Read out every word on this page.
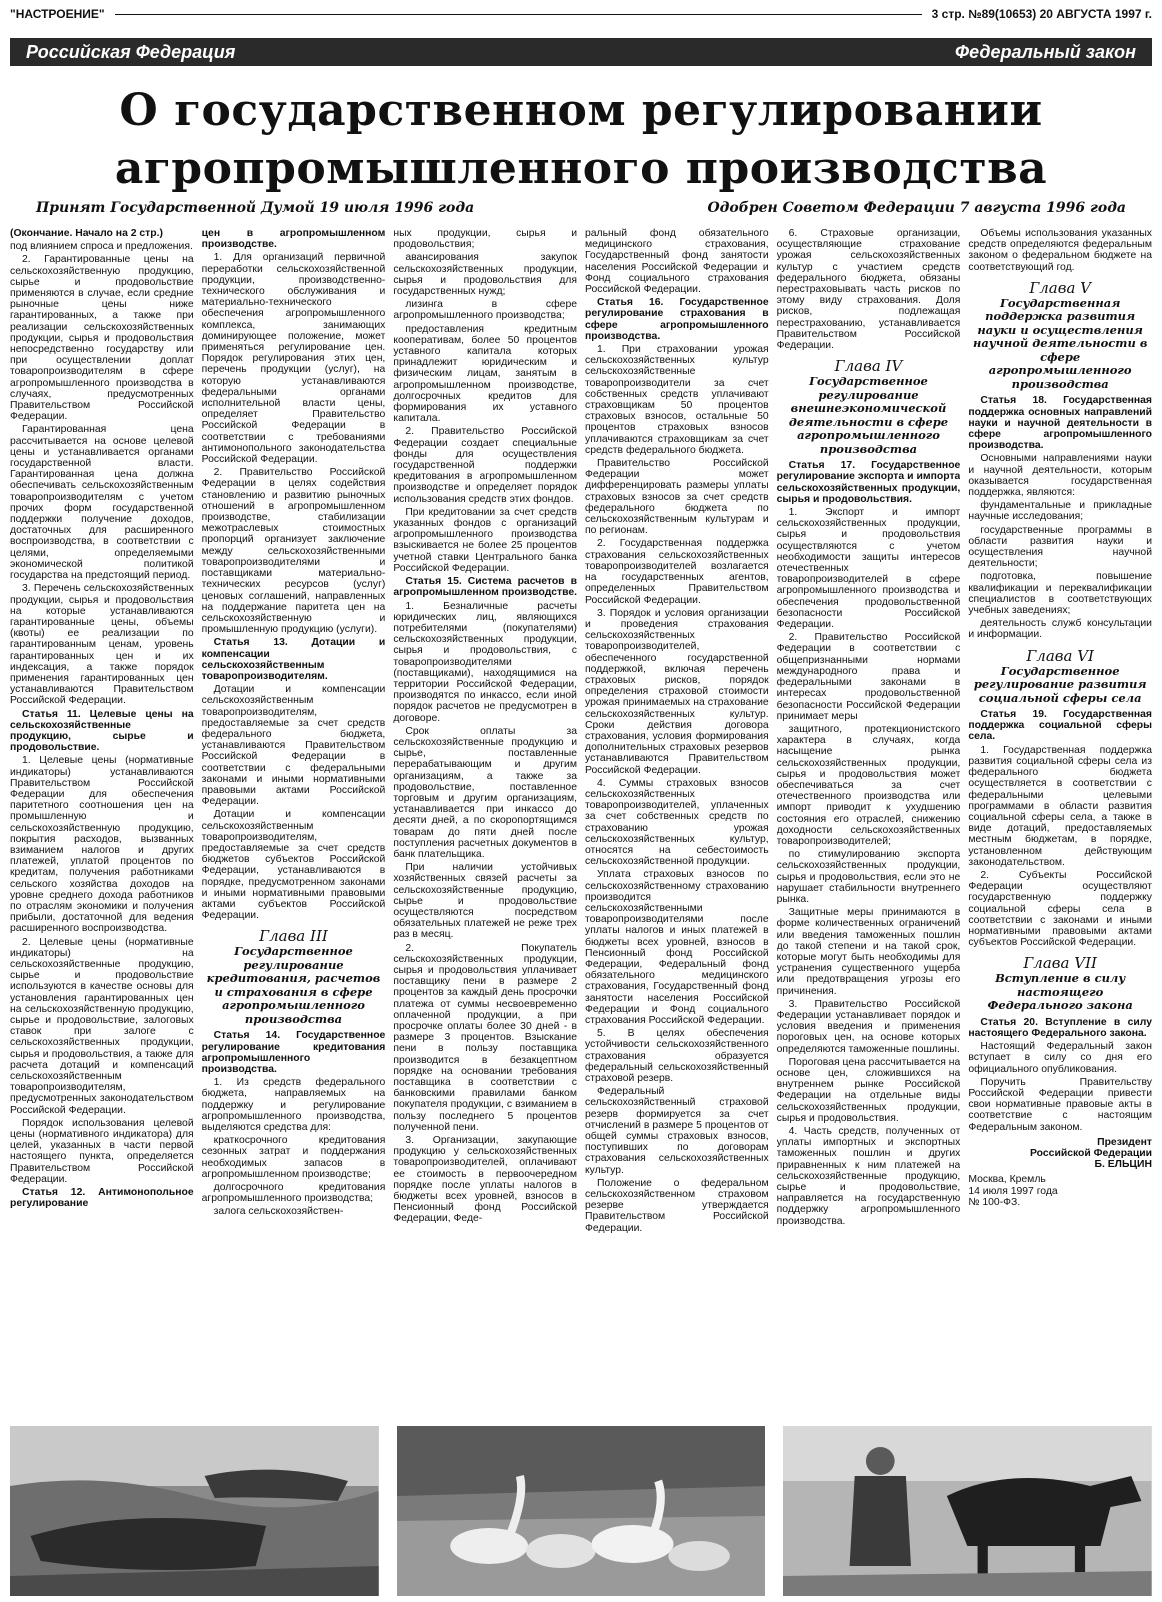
"НАСТРОЕНИЕ"	3 стр. №89(10653) 20 АВГУСТА 1997 г.
Российская Федерация	Федеральный закон
О государственном регулировании
агропромышленного производства
Принят Государственной Думой 19 июля 1996 года	Одобрен Советом Федерации 7 августа 1996 года

(Окончание. Начало на 2 стр.)

под влиянием спроса и предложения.

2. Гарантированные цены на сельскохозяйственную продукцию, сырье и продовольствие применяются в случае, если средние рыночные цены ниже гарантированных, а также при реализации сельскохозяйственных продукции, сырья и продовольствия непосредственно государству или при осуществлении доплат товаропроизводителям в сфере агропромышленного производства в случаях, предусмотренных Правительством Российской Федерации.

Гарантированная цена рассчитывается на основе целевой цены и устанавливается органами государственной власти. Гарантированная цена должна обеспечивать сельскохозяйственным товаропроизводителям с учетом прочих форм государственной поддержки получение доходов, достаточных для расширенного воспроизводства, в соответствии с целями, определяемыми экономической политикой государства на предстоящий период.

3. Перечень сельскохозяйственных продукции, сырья и продовольствия на которые устанавливаются гарантированные цены, объемы (квоты) ее реализации по гарантированным ценам, уровень гарантированных цен и их индексация, а также порядок применения гарантированных цен устанавливаются Правительством Российской Федерации.

Статья 11. Целевые цены на сельскохозяйственные продукцию, сырье и продовольствие.

1. Целевые цены (нормативные индикаторы) устанавливаются Правительством Российской Федерации для обеспечения паритетного соотношения цен на промышленную и сельскохозяйственную продукцию, покрытия расходов, вызванных взиманием налогов и других платежей, уплатой процентов по кредитам, получения работниками сельского хозяйства доходов на уровне среднего дохода работников по отраслям экономики и получения прибыли, достаточной для ведения расширенного воспроизводства.

2. Целевые цены (нормативные индикаторы) на сельскохозяйственные продукцию, сырье и продовольствие используются в качестве основы для установления гарантированных цен на сельскохозяйственную продукцию, сырье и продовольствие, залоговых ставок при залоге с сельскохозяйственных продукции, сырья и продовольствия, а также для расчета дотаций и компенсаций сельскохозяйственным товаропроизводителям, предусмотренных законодательством Российской Федерации.

Порядок использования целевой цены (нормативного индикатора) для целей, указанных в части первой настоящего пункта, определяется Правительством Российской Федерации.

Статья 12. Антимонопольное регулирование

цен в агропромышленном производстве.

1. Для организаций первичной переработки сельскохозяйственной продукции, производственно-технического обслуживания и материально-технического обеспечения агропромышленного комплекса, занимающих доминирующее положение, может применяться регулирование цен. Порядок регулирования этих цен, перечень продукции (услуг), на которую устанавливаются федеральными органами исполнительной власти цены, определяет Правительство Российской Федерации в соответствии с требованиями антимонопольного законодательства Российской Федерации.

2. Правительство Российской Федерации в целях содействия становлению и развитию рыночных отношений в агропромышленном производстве, стабилизации межотраслевых стоимостных пропорций организует заключение между сельскохозяйственными товаропроизводителями и поставщиками материально-технических ресурсов (услуг) ценовых соглашений, направленных на поддержание паритета цен на сельскохозяйственную и промышленную продукцию (услуги).

Статья 13. Дотации и компенсации сельскохозяйственным товаропроизводителям.

Дотации и компенсации сельскохозяйственным товаропроизводителям, предоставляемые за счет средств федерального бюджета, устанавливаются Правительством Российской Федерации в соответствии с федеральными законами и иными нормативными правовыми актами Российской Федерации.

Дотации и компенсации сельскохозяйственным товаропроизводителям, предоставляемые за счет средств бюджетов субъектов Российской Федерации, устанавливаются в порядке, предусмотренном законами и иными нормативными правовыми актами субъектов Российской Федерации.

Глава III
Государственное регулирование кредитования, расчетов и страхования в сфере агропромышленного производства

Статья 14. Государственное регулирование кредитования агропромышленного производства.

1. Из средств федерального бюджета, направляемых на поддержку и регулирование агропромышленного производства, выделяются средства для:

краткосрочного кредитования сезонных затрат и поддержания необходимых запасов в агропромышленном производстве;

долгосрочного кредитования агропромышленного производства;

залога сельскохозяйствен-

ных продукции, сырья и продовольствия;

авансирования закупок сельскохозяйственных продукции, сырья и продовольствия для государственных нужд;

лизинга в сфере агропромышленного производства;

предоставления кредитным кооперативам, более 50 процентов уставного капитала которых принадлежит юридическим и физическим лицам, занятым в агропромышленном производстве, долгосрочных кредитов для формирования их уставного капитала.

2. Правительство Российской Федерации создает специальные фонды для осуществления государственной поддержки кредитования в агропромышленном производстве и определяет порядок использования средств этих фондов.

При кредитовании за счет средств указанных фондов с организаций агропромышленного производства взыскивается не более 25 процентов учетной ставки Центрального банка Российской Федерации.

Статья 15. Система расчетов в агропромышленном производстве.

1. Безналичные расчеты юридических лиц, являющихся потребителями (покупателями) сельскохозяйственных продукции, сырья и продовольствия, с товаропроизводителями (поставщиками), находящимися на территории Российской Федерации, производятся по инкассо, если иной порядок расчетов не предусмотрен в договоре.

Срок оплаты за сельскохозяйственные продукцию и сырье, поставленные перерабатывающим и другим организациям, а также за продовольствие, поставленное торговым и другим организациям, устанавливается при инкассо до десяти дней, а по скоропортящимся товарам до пяти дней после поступления расчетных документов в банк плательщика.

При наличии устойчивых хозяйственных связей расчеты за сельскохозяйственные продукцию, сырье и продовольствие осуществляются посредством обязательных платежей не реже трех раз в месяц.

2. Покупатель сельскохозяйственных продукции, сырья и продовольствия уплачивает поставщику пени в размере 2 процентов за каждый день просрочки платежа от суммы несвоевременно оплаченной продукции, а при просрочке оплаты более 30 дней - в размере 3 процентов. Взыскание пени в пользу поставщика производится в безакцептном порядке на основании требования поставщика в соответствии с банковскими правилами банком покупателя продукции, с взиманием в пользу последнего 5 процентов полученной пени.

3. Организации, закупающие продукцию у сельскохозяйственных товаропроизводителей, оплачивают ее стоимость в первоочередном порядке после уплаты налогов в бюджеты всех уровней, взносов в Пенсионный фонд Российской Федерации, Феде-

ральный фонд обязательного медицинского страхования, Государственный фонд занятости населения Российской Федерации и Фонд социального страхования Российской Федерации.

Статья 16. Государственное регулирование страхования в сфере агропромышленного производства.

1. При страховании урожая сельскохозяйственных культур сельскохозяйственные товаропроизводители за счет собственных средств уплачивают страховщикам 50 процентов страховых взносов, остальные 50 процентов страховых взносов уплачиваются страховщикам за счет средств федерального бюджета.

Правительство Российской Федерации может дифференцировать размеры уплаты страховых взносов за счет средств федерального бюджета по сельскохозяйственным культурам и по регионам.

2. Государственная поддержка страхования сельскохозяйственных товаропроизводителей возлагается на государственных агентов, определенных Правительством Российской Федерации.

3. Порядок и условия организации и проведения страхования сельскохозяйственных товаропроизводителей, обеспеченного государственной поддержкой, включая перечень страховых рисков, порядок определения страховой стоимости урожая принимаемых на страхование сельскохозяйственных культур. Сроки действия договора страхования, условия формирования дополнительных страховых резервов устанавливаются Правительством Российской Федерации.

4. Суммы страховых взносов сельскохозяйственных товаропроизводителей, уплаченных за счет собственных средств по страхованию урожая сельскохозяйственных культур, относятся на себестоимость сельскохозяйственной продукции.

Уплата страховых взносов по сельскохозяйственному страхованию производится сельскохозяйственными товаропроизводителями после уплаты налогов и иных платежей в бюджеты всех уровней, взносов в Пенсионный фонд Российской Федерации, Федеральный фонд обязательного медицинского страхования, Государственный фонд занятости населения Российской Федерации и Фонд социального страхования Российской Федерации.

5. В целях обеспечения устойчивости сельскохозяйственного страхования образуется федеральный сельскохозяйственный страховой резерв.

Федеральный сельскохозяйственный страховой резерв формируется за счет отчислений в размере 5 процентов от общей суммы страховых взносов, поступивших по договорам страхования сельскохозяйственных культур.

Положение о федеральном сельскохозяйственном страховом резерве утверждается Правительством Российской Федерации.

6. Страховые организации, осуществляющие страхование урожая сельскохозяйственных культур с участием средств федерального бюджета, обязаны перестраховывать часть рисков по этому виду страхования. Доля рисков, подлежащая перестрахованию, устанавливается Правительством Российской Федерации.

Глава IV
Государственное регулирование внешнеэкономической деятельности в сфере агропромышленного производства

Статья 17. Государственное регулирование экспорта и импорта сельскохозяйственных продукции, сырья и продовольствия.

1. Экспорт и импорт сельскохозяйственных продукции, сырья и продовольствия осуществляются с учетом необходимости защиты интересов отечественных товаропроизводителей в сфере агропромышленного производства и обеспечения продовольственной безопасности Российской Федерации.

2. Правительство Российской Федерации в соответствии с общепризнанными нормами международного права и федеральными законами в интересах продовольственной безопасности Российской Федерации принимает меры

защитного, протекционистского характера в случаях, когда насыщение рынка сельскохозяйственных продукции, сырья и продовольствия может обеспечиваться за счет отечественного производства или импорт приводит к ухудшению состояния его отраслей, снижению доходности сельскохозяйственных товаропроизводителей;

по стимулированию экспорта сельскохозяйственных продукции, сырья и продовольствия, если это не нарушает стабильности внутреннего рынка.

Защитные меры принимаются в форме количественных ограничений или введения таможенных пошлин до такой степени и на такой срок, которые могут быть необходимы для устранения существенного ущерба или предотвращения угрозы его причинения.

3. Правительство Российской Федерации устанавливает порядок и условия введения и применения пороговых цен, на основе которых определяются таможенные пошлины.

Пороговая цена рассчитывается на основе цен, сложившихся на внутреннем рынке Российской Федерации на отдельные виды сельскохозяйственных продукции, сырья и продовольствия.

4. Часть средств, полученных от уплаты импортных и экспортных таможенных пошлин и других приравненных к ним платежей на сельскохозяйственные продукцию, сырье и продовольствие, направляется на государственную поддержку агропромышленного производства.

Объемы использования указанных средств определяются федеральным законом о федеральном бюджете на соответствующий год.

Глава V
Государственная поддержка развития науки и осуществления научной деятельности в сфере агропромышленного производства

Статья 18. Государственная поддержка основных направлений науки и научной деятельности в сфере агропромышленного производства.

Основными направлениями науки и научной деятельности, которым оказывается государственная поддержка, являются:

фундаментальные и прикладные научные исследования;

государственные программы в области развития науки и осуществления научной деятельности;

подготовка, повышение квалификации и переквалификации специалистов в соответствующих учебных заведениях;

деятельность служб консультации и информации.

Глава VI
Государственное регулирование развития социальной сферы села

Статья 19. Государственная поддержка социальной сферы села.

1. Государственная поддержка развития социальной сферы села из федерального бюджета осуществляется в соответствии с федеральными целевыми программами в области развития социальной сферы села, а также в виде дотаций, предоставляемых местным бюджетам, в порядке, установленном действующим законодательством.

2. Субъекты Российской Федерации осуществляют государственную поддержку социальной сферы села в соответствии с законами и иными нормативными правовыми актами субъектов Российской Федерации.

Глава VII
Вступление в силу настоящего Федерального закона

Статья 20. Вступление в силу настоящего Федерального закона.

Настоящий Федеральный закон вступает в силу со дня его официального опубликования.

Поручить Правительству Российской Федерации привести свои нормативные правовые акты в соответствие с настоящим Федеральным законом.

Президент
Российской Федерации
Б. ЕЛЬЦИН
Москва, Кремль
14 июля 1997 года
№ 100-ФЗ.
